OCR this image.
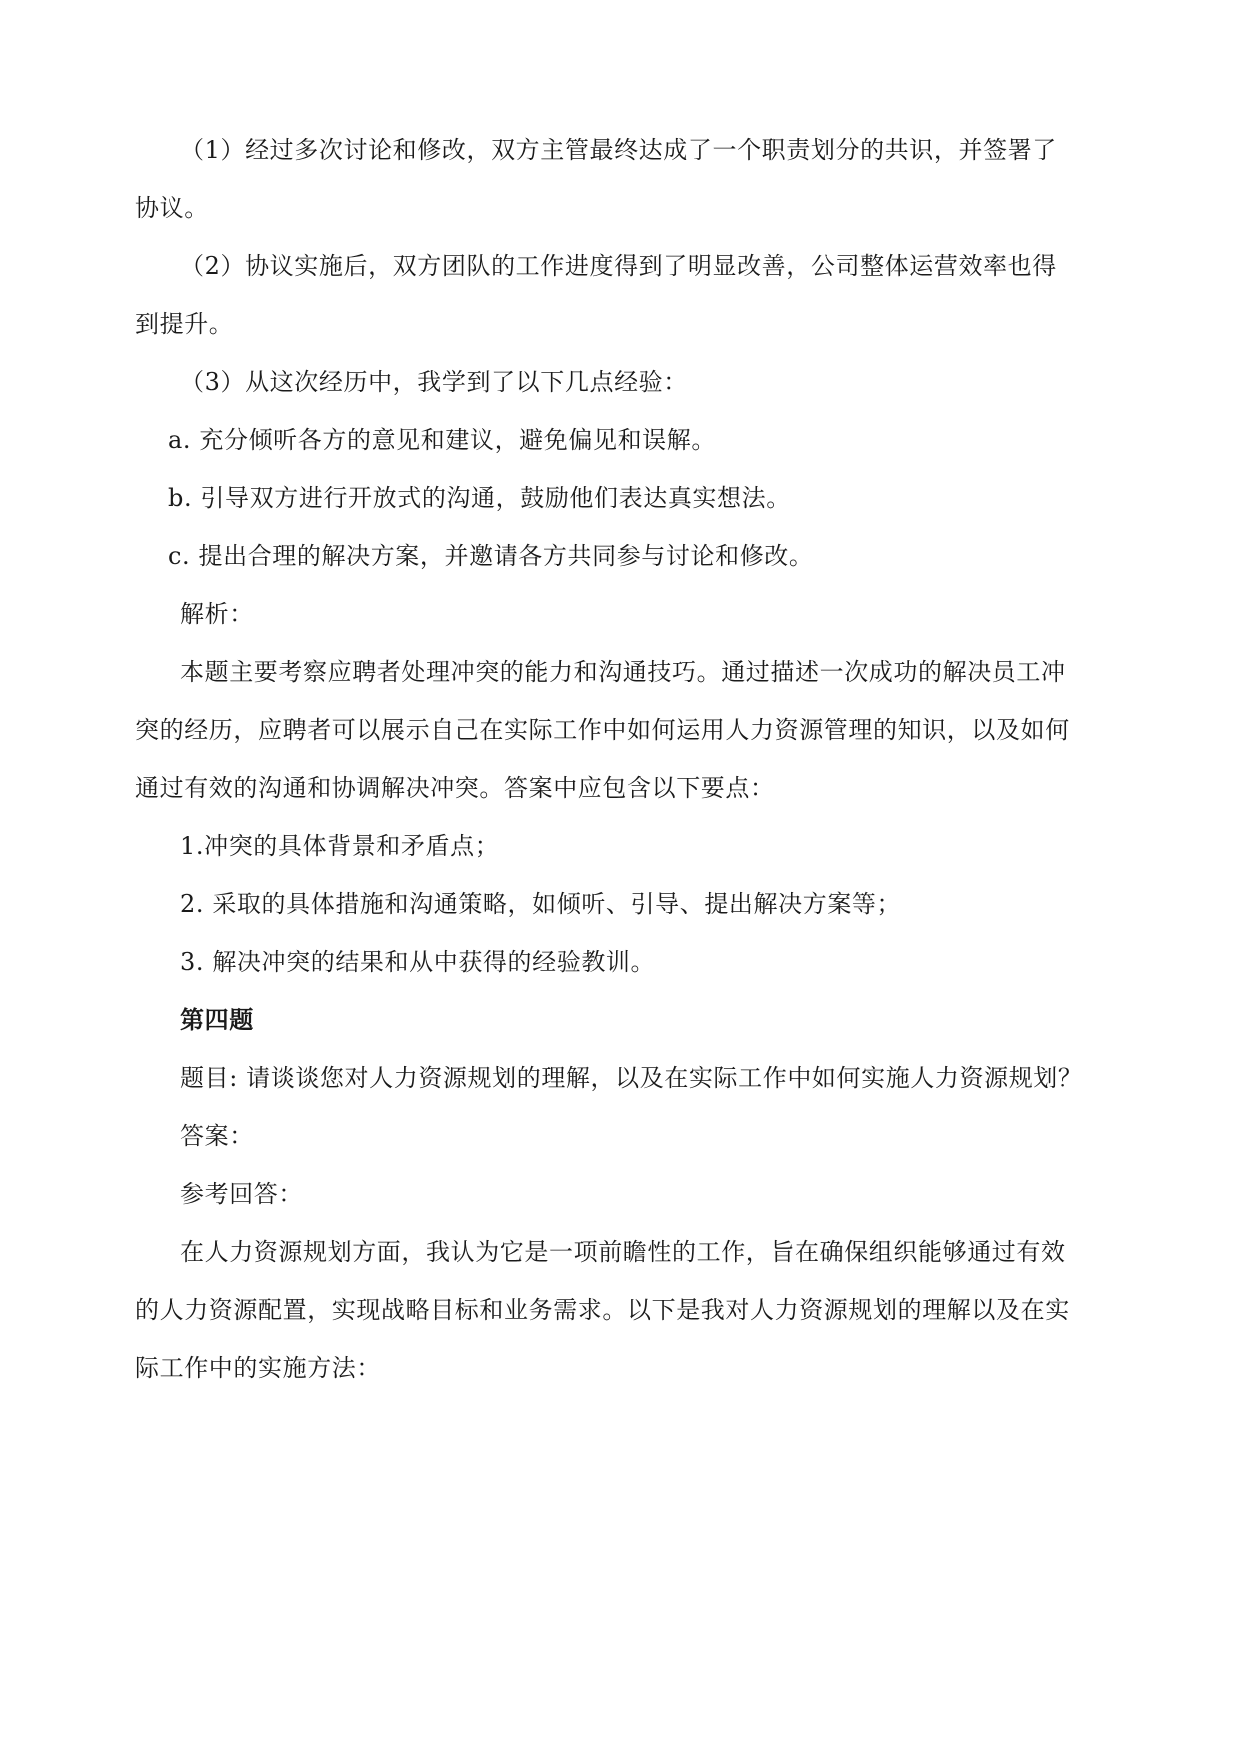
（1）经过多次讨论和修改，双方主管最终达成了一个职责划分的共识，并签署了
协议。
（2）协议实施后，双方团队的工作进度得到了明显改善，公司整体运营效率也得
到提升。
（3）从这次经历中，我学到了以下几点经验：
a. 充分倾听各方的意见和建议，避免偏见和误解。
b. 引导双方进行开放式的沟通，鼓励他们表达真实想法。
c. 提出合理的解决方案，并邀请各方共同参与讨论和修改。
解析：
本题主要考察应聘者处理冲突的能力和沟通技巧。通过描述一次成功的解决员工冲
突的经历，应聘者可以展示自己在实际工作中如何运用人力资源管理的知识，以及如何
通过有效的沟通和协调解决冲突。答案中应包含以下要点：
1.冲突的具体背景和矛盾点；
2. 采取的具体措施和沟通策略，如倾听、引导、提出解决方案等；
3. 解决冲突的结果和从中获得的经验教训。
第四题
题目: 请谈谈您对人力资源规划的理解，以及在实际工作中如何实施人力资源规划？
答案：
参考回答：
在人力资源规划方面，我认为它是一项前瞻性的工作，旨在确保组织能够通过有效
的人力资源配置，实现战略目标和业务需求。以下是我对人力资源规划的理解以及在实
际工作中的实施方法：
